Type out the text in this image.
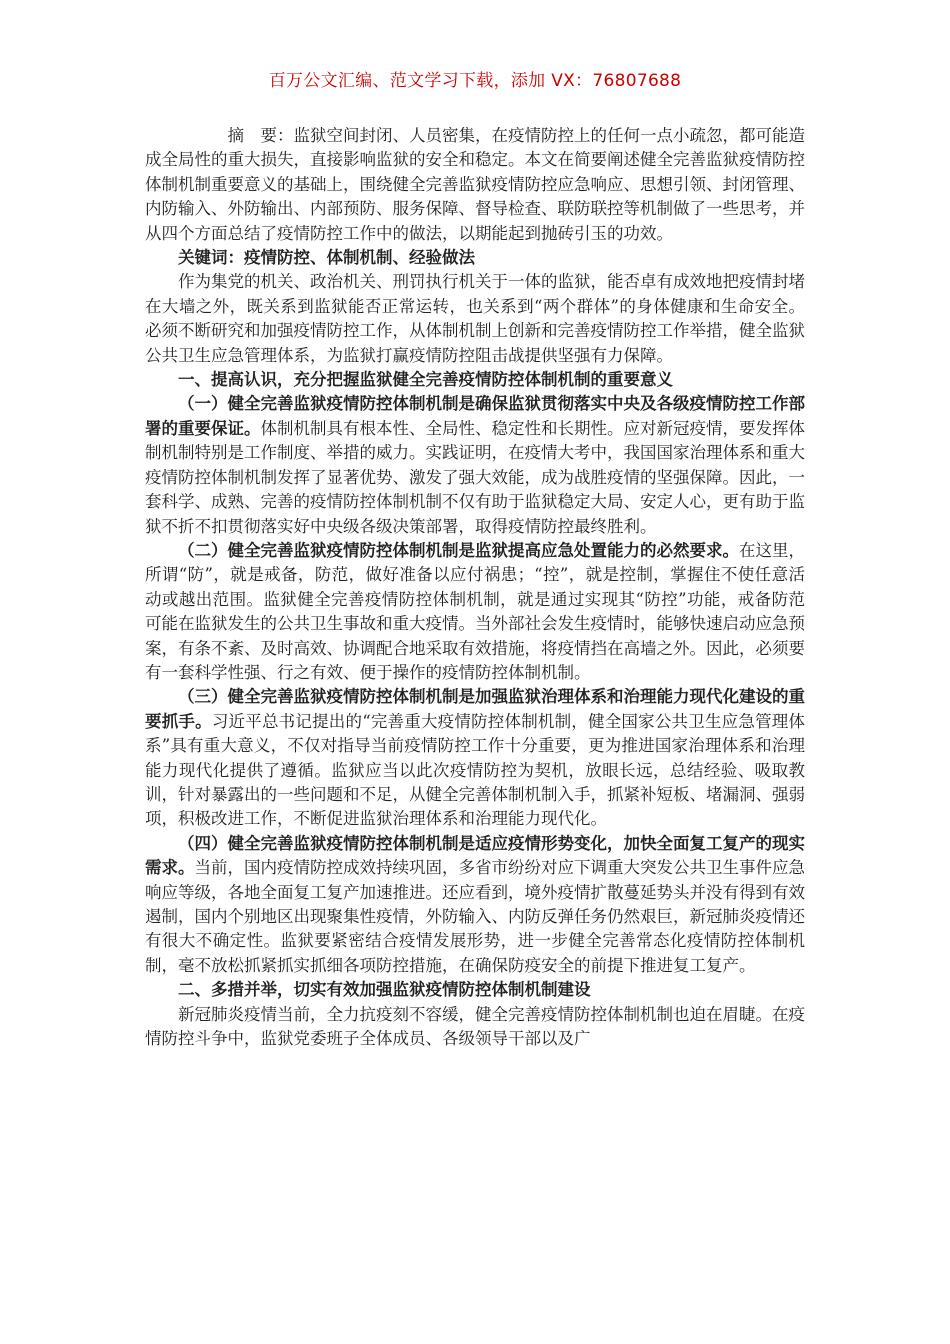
百万公文汇编、范文学习下载，添加 VX：76807688

摘　要：监狱空间封闭、人员密集，在疫情防控上的任何一点小疏忽，都可能造成全局性的重大损失，直接影响监狱的安全和稳定。本文在简要阐述健全完善监狱疫情防控体制机制重要意义的基础上，围绕健全完善监狱疫情防控应急响应、思想引领、封闭管理、内防输入、外防输出、内部预防、服务保障、督导检查、联防联控等机制做了一些思考，并从四个方面总结了疫情防控工作中的做法，以期能起到抛砖引玉的功效。

关键词：疫情防控、体制机制、经验做法

作为集党的机关、政治机关、刑罚执行机关于一体的监狱，能否卓有成效地把疫情封堵在大墙之外，既关系到监狱能否正常运转，也关系到“两个群体”的身体健康和生命安全。必须不断研究和加强疫情防控工作，从体制机制上创新和完善疫情防控工作举措，健全监狱公共卫生应急管理体系，为监狱打赢疫情防控阻击战提供坚强有力保障。

一、提高认识，充分把握监狱健全完善疫情防控体制机制的重要意义

（一）健全完善监狱疫情防控体制机制是确保监狱贯彻落实中央及各级疫情防控工作部署的重要保证。体制机制具有根本性、全局性、稳定性和长期性。应对新冠疫情，要发挥体制机制特别是工作制度、举措的威力。实践证明，在疫情大考中，我国国家治理体系和重大疫情防控体制机制发挥了显著优势、激发了强大效能，成为战胜疫情的坚强保障。因此，一套科学、成熟、完善的疫情防控体制机制不仅有助于监狱稳定大局、安定人心，更有助于监狱不折不扣贯彻落实好中央级各级决策部署，取得疫情防控最终胜利。

（二）健全完善监狱疫情防控体制机制是监狱提高应急处置能力的必然要求。在这里，所谓“防”，就是戒备，防范，做好准备以应付祸患；“控”，就是控制，掌握住不使任意活动或越出范围。监狱健全完善疫情防控体制机制，就是通过实现其“防控”功能，戒备防范可能在监狱发生的公共卫生事故和重大疫情。当外部社会发生疫情时，能够快速启动应急预案，有条不紊、及时高效、协调配合地采取有效措施，将疫情挡在高墙之外。因此，必须要有一套科学性强、行之有效、便于操作的疫情防控体制机制。

（三）健全完善监狱疫情防控体制机制是加强监狱治理体系和治理能力现代化建设的重要抓手。习近平总书记提出的“完善重大疫情防控体制机制，健全国家公共卫生应急管理体系”具有重大意义，不仅对指导当前疫情防控工作十分重要，更为推进国家治理体系和治理能力现代化提供了遵循。监狱应当以此次疫情防控为契机，放眼长远，总结经验、吸取教训，针对暴露出的一些问题和不足，从健全完善体制机制入手，抓紧补短板、堵漏洞、强弱项，积极改进工作，不断促进监狱治理体系和治理能力现代化。

（四）健全完善监狱疫情防控体制机制是适应疫情形势变化，加快全面复工复产的现实需求。当前，国内疫情防控成效持续巩固，多省市纷纷对应下调重大突发公共卫生事件应急响应等级，各地全面复工复产加速推进。还应看到，境外疫情扩散蔓延势头并没有得到有效遏制，国内个别地区出现聚集性疫情，外防输入、内防反弹任务仍然艰巨，新冠肺炎疫情还有很大不确定性。监狱要紧密结合疫情发展形势，进一步健全完善常态化疫情防控体制机制，毫不放松抓紧抓实抓细各项防控措施，在确保防疫安全的前提下推进复工复产。

二、多措并举，切实有效加强监狱疫情防控体制机制建设

新冠肺炎疫情当前，全力抗疫刻不容缓，健全完善疫情防控体制机制也迫在眉睫。在疫情防控斗争中，监狱党委班子全体成员、各级领导干部以及广
